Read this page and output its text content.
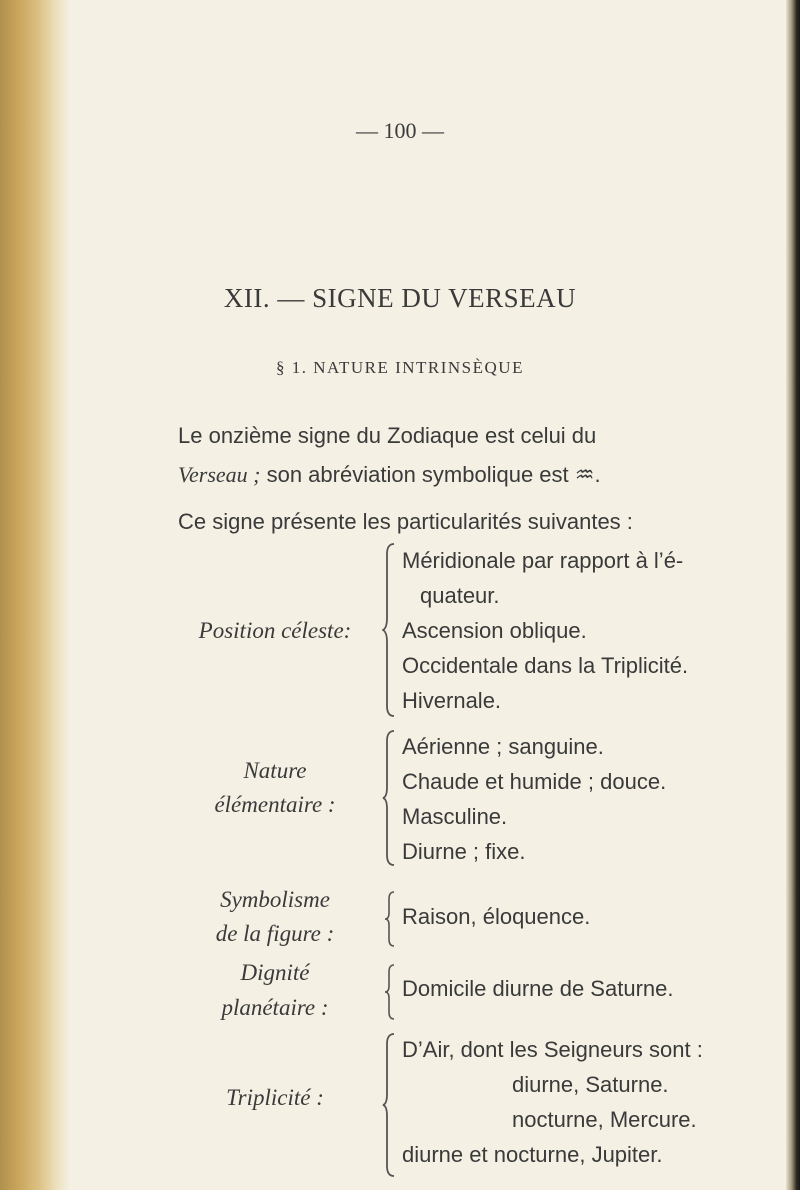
— 100 —
XII. — SIGNE DU VERSEAU
§ 1. NATURE INTRINSÈQUE
Le onzième signe du Zodiaque est celui du
Verseau ; son abréviation symbolique est ♒.
Ce signe présente les particularités suivantes :
Position céleste:
Méridionale par rapport à l’é-
quateur.
Ascension oblique.
Occidentale dans la Triplicité.
Hivernale.
Nature
élémentaire :
Aérienne ; sanguine.
Chaude et humide ; douce.
Masculine.
Diurne ; fixe.
Symbolisme
de la figure :
Raison, éloquence.
Dignité
planétaire :
Domicile diurne de Saturne.
Triplicité :
D’Air, dont les Seigneurs sont :
diurne, Saturne.
nocturne, Mercure.
diurne et nocturne, Jupiter.
